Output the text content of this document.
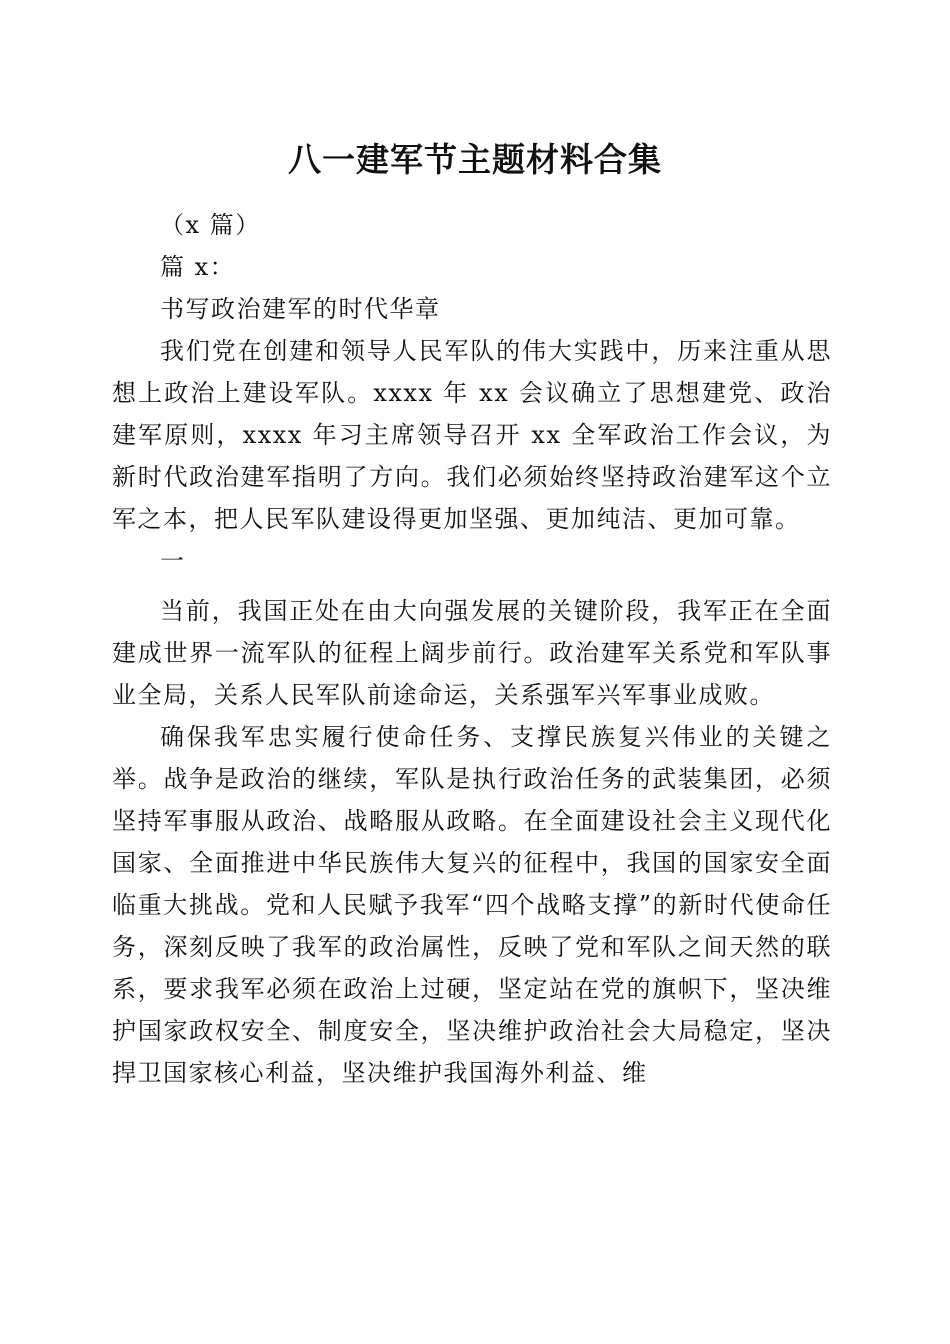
八一建军节主题材料合集

（x 篇）

篇 x：

书写政治建军的时代华章

我们党在创建和领导人民军队的伟大实践中，历来注重从思想上政治上建设军队。xxxx 年 xx 会议确立了思想建党、政治建军原则，xxxx 年习主席领导召开 xx 全军政治工作会议，为新时代政治建军指明了方向。我们必须始终坚持政治建军这个立军之本，把人民军队建设得更加坚强、更加纯洁、更加可靠。

一

当前，我国正处在由大向强发展的关键阶段，我军正在全面建成世界一流军队的征程上阔步前行。政治建军关系党和军队事业全局，关系人民军队前途命运，关系强军兴军事业成败。

确保我军忠实履行使命任务、支撑民族复兴伟业的关键之举。战争是政治的继续，军队是执行政治任务的武装集团，必须坚持军事服从政治、战略服从政略。在全面建设社会主义现代化国家、全面推进中华民族伟大复兴的征程中，我国的国家安全面临重大挑战。党和人民赋予我军“四个战略支撑”的新时代使命任务，深刻反映了我军的政治属性，反映了党和军队之间天然的联系，要求我军必须在政治上过硬，坚定站在党的旗帜下，坚决维护国家政权安全、制度安全，坚决维护政治社会大局稳定，坚决捍卫国家核心利益，坚决维护我国海外利益、维
